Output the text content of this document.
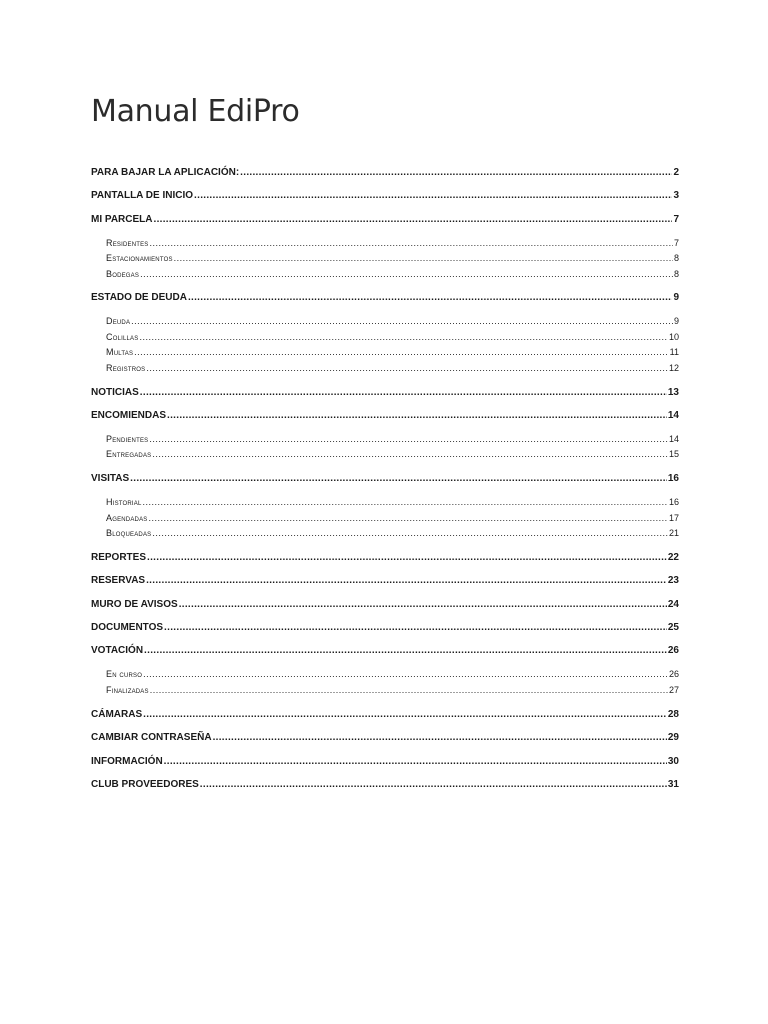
Manual EdiPro
PARA BAJAR LA APLICACIÓN: .....	2
PANTALLA DE INICIO .....	3
MI PARCELA .....	7
Residentes .....	7
Estacionamientos .....	8
Bodegas .....	8
ESTADO DE DEUDA .....	9
Deuda .....	9
Colillas .....	10
Multas .....	11
Registros .....	12
NOTICIAS .....	13
ENCOMIENDAS .....	14
Pendientes .....	14
Entregadas .....	15
VISITAS .....	16
Historial .....	16
Agendadas .....	17
Bloqueadas .....	21
REPORTES .....	22
RESERVAS .....	23
MURO DE AVISOS .....	24
DOCUMENTOS .....	25
VOTACIÓN .....	26
En curso .....	26
Finalizadas .....	27
CÁMARAS .....	28
CAMBIAR CONTRASEÑA .....	29
INFORMACIÓN .....	30
CLUB PROVEEDORES .....	31
